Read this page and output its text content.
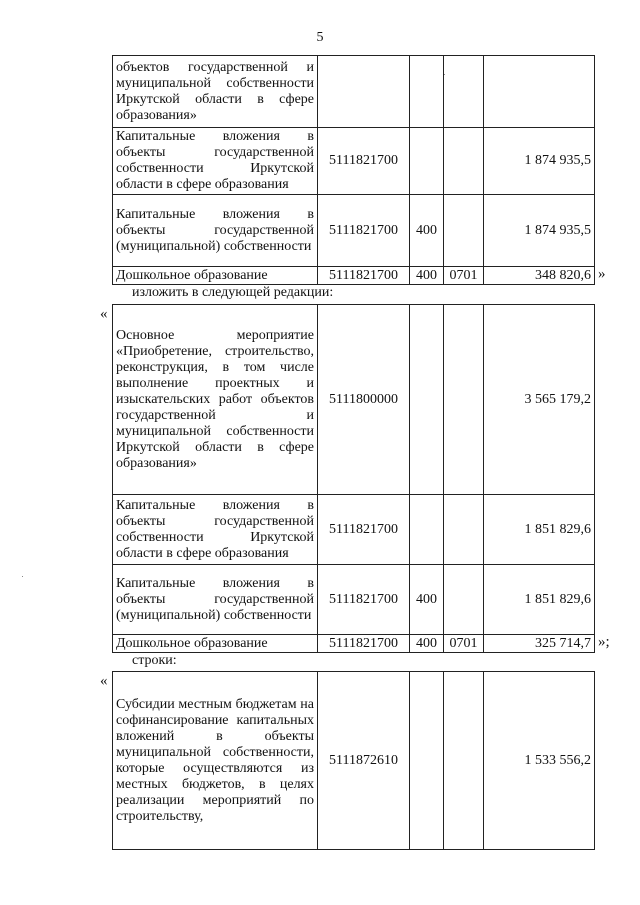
5
объектов государственной и муниципальной собственности Иркутской области в сфере образования»				
Капитальные вложения в объекты государственной собственности Иркутской области в сфере образования	5111821700			1 874 935,5
Капитальные вложения в объекты государственной (муниципальной) собственности	5111821700	400		1 874 935,5
Дошкольное образование	5111821700	400	0701	348 820,6 »
изложить в следующей редакции:
«
Основное мероприятие «Приобретение, строительство, реконструкция, в том числе выполнение проектных и изыскательских работ объектов государственной и муниципальной собственности Иркутской области в сфере образования»	5111800000			3 565 179,2
Капитальные вложения в объекты государственной собственности Иркутской области в сфере образования	5111821700			1 851 829,6
Капитальные вложения в объекты государственной (муниципальной) собственности	5111821700	400		1 851 829,6
Дошкольное образование	5111821700	400	0701	325 714,7 »;
строки:
«
Субсидии местным бюджетам на софинансирование капитальных вложений в объекты муниципальной собственности, которые осуществляются из местных бюджетов, в целях реализации мероприятий по строительству,	5111872610			1 533 556,2
